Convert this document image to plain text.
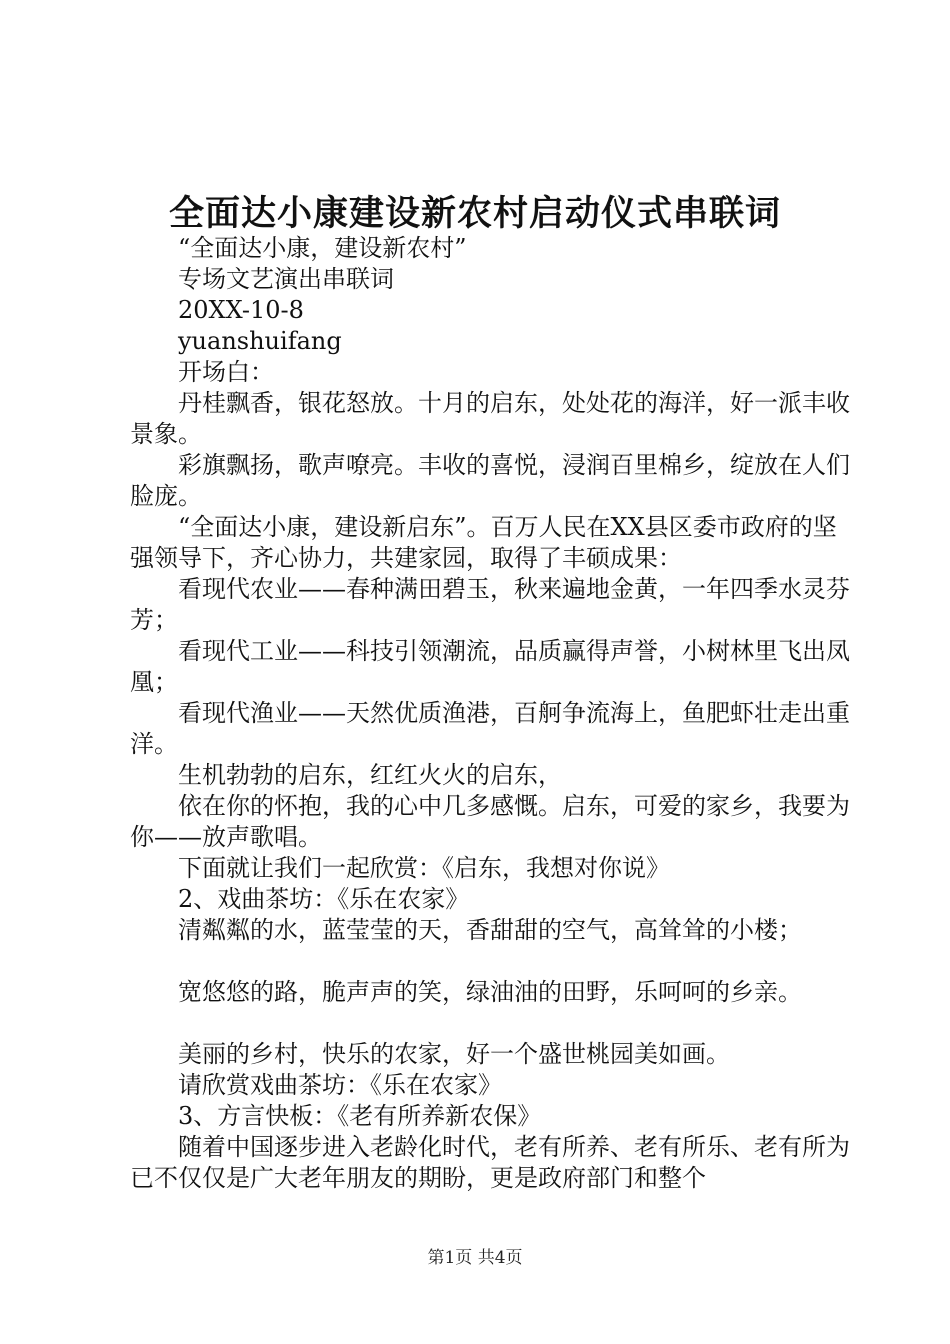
全面达小康建设新农村启动仪式串联词

“全面达小康，建设新农村”

专场文艺演出串联词

20XX-10-8

yuanshuifang

开场白：

丹桂飘香，银花怒放。十月的启东，处处花的海洋，好一派丰收景象。

彩旗飘扬，歌声嘹亮。丰收的喜悦，浸润百里棉乡，绽放在人们脸庞。

“全面达小康，建设新启东”。百万人民在XX县区委市政府的坚强领导下，齐心协力，共建家园，取得了丰硕成果：

看现代农业——春种满田碧玉，秋来遍地金黄，一年四季水灵芬芳；

看现代工业——科技引领潮流，品质赢得声誉，小树林里飞出凤凰；

看现代渔业——天然优质渔港，百舸争流海上，鱼肥虾壮走出重洋。

生机勃勃的启东，红红火火的启东，

依在你的怀抱，我的心中几多感慨。启东，可爱的家乡，我要为你——放声歌唱。

下面就让我们一起欣赏：《启东，我想对你说》

2、戏曲茶坊：《乐在农家》

清粼粼的水，蓝莹莹的天，香甜甜的空气，高耸耸的小楼；

宽悠悠的路，脆声声的笑，绿油油的田野，乐呵呵的乡亲。

美丽的乡村，快乐的农家，好一个盛世桃园美如画。

请欣赏戏曲茶坊：《乐在农家》

3、方言快板：《老有所养新农保》

随着中国逐步进入老龄化时代，老有所养、老有所乐、老有所为已不仅仅是广大老年朋友的期盼，更是政府部门和整个

第1页 共4页
